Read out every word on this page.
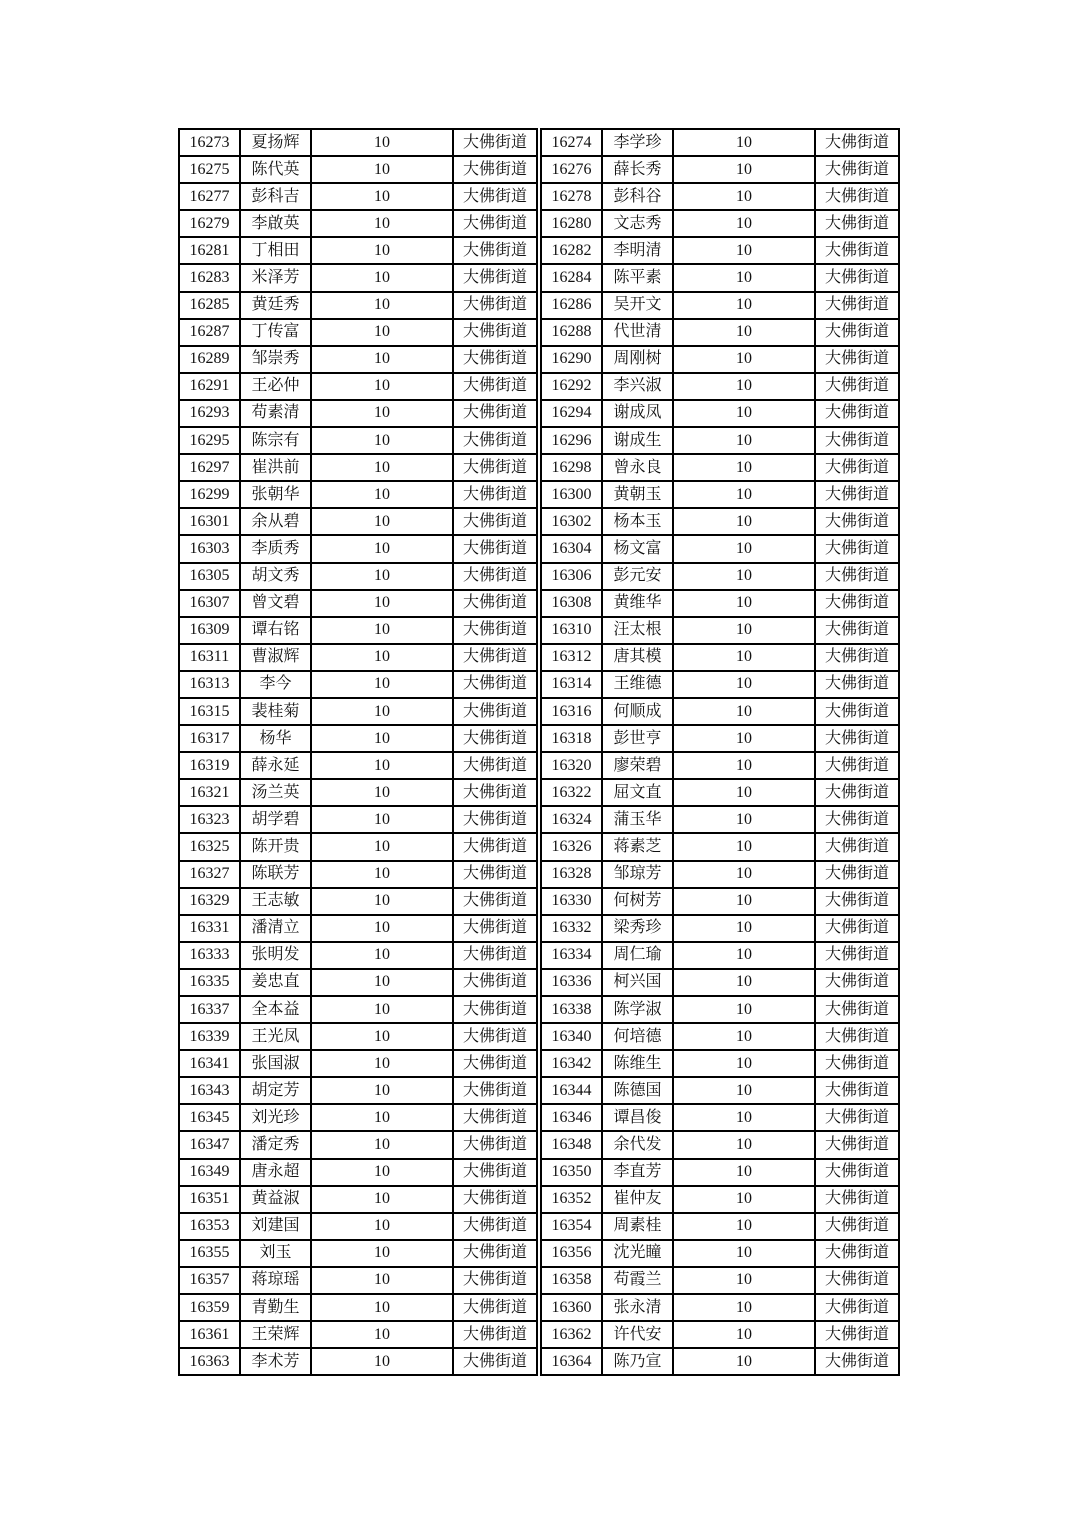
16273	夏扬辉	10	大佛街道
16275	陈代英	10	大佛街道
16277	彭科吉	10	大佛街道
16279	李啟英	10	大佛街道
16281	丁相田	10	大佛街道
16283	米泽芳	10	大佛街道
16285	黄廷秀	10	大佛街道
16287	丁传富	10	大佛街道
16289	邹崇秀	10	大佛街道
16291	王必仲	10	大佛街道
16293	苟素清	10	大佛街道
16295	陈宗有	10	大佛街道
16297	崔洪前	10	大佛街道
16299	张朝华	10	大佛街道
16301	余从碧	10	大佛街道
16303	李质秀	10	大佛街道
16305	胡文秀	10	大佛街道
16307	曾文碧	10	大佛街道
16309	谭右铭	10	大佛街道
16311	曹淑辉	10	大佛街道
16313	李今	10	大佛街道
16315	裴桂菊	10	大佛街道
16317	杨华	10	大佛街道
16319	薛永延	10	大佛街道
16321	汤兰英	10	大佛街道
16323	胡学碧	10	大佛街道
16325	陈开贵	10	大佛街道
16327	陈联芳	10	大佛街道
16329	王志敏	10	大佛街道
16331	潘清立	10	大佛街道
16333	张明发	10	大佛街道
16335	姜忠直	10	大佛街道
16337	全本益	10	大佛街道
16339	王光凤	10	大佛街道
16341	张国淑	10	大佛街道
16343	胡定芳	10	大佛街道
16345	刘光珍	10	大佛街道
16347	潘定秀	10	大佛街道
16349	唐永超	10	大佛街道
16351	黄益淑	10	大佛街道
16353	刘建国	10	大佛街道
16355	刘玉	10	大佛街道
16357	蒋琼瑶	10	大佛街道
16359	青勤生	10	大佛街道
16361	王荣辉	10	大佛街道
16363	李术芳	10	大佛街道
16274	李学珍	10	大佛街道
16276	薛长秀	10	大佛街道
16278	彭科谷	10	大佛街道
16280	文志秀	10	大佛街道
16282	李明清	10	大佛街道
16284	陈平素	10	大佛街道
16286	吴开文	10	大佛街道
16288	代世清	10	大佛街道
16290	周刚树	10	大佛街道
16292	李兴淑	10	大佛街道
16294	谢成凤	10	大佛街道
16296	谢成生	10	大佛街道
16298	曾永良	10	大佛街道
16300	黄朝玉	10	大佛街道
16302	杨本玉	10	大佛街道
16304	杨文富	10	大佛街道
16306	彭元安	10	大佛街道
16308	黄维华	10	大佛街道
16310	汪太根	10	大佛街道
16312	唐其模	10	大佛街道
16314	王维德	10	大佛街道
16316	何顺成	10	大佛街道
16318	彭世亨	10	大佛街道
16320	廖荣碧	10	大佛街道
16322	屈文直	10	大佛街道
16324	蒲玉华	10	大佛街道
16326	蒋素芝	10	大佛街道
16328	邹琼芳	10	大佛街道
16330	何树芳	10	大佛街道
16332	梁秀珍	10	大佛街道
16334	周仁瑜	10	大佛街道
16336	柯兴国	10	大佛街道
16338	陈学淑	10	大佛街道
16340	何培德	10	大佛街道
16342	陈维生	10	大佛街道
16344	陈德国	10	大佛街道
16346	谭昌俊	10	大佛街道
16348	余代发	10	大佛街道
16350	李直芳	10	大佛街道
16352	崔仲友	10	大佛街道
16354	周素桂	10	大佛街道
16356	沈光瞳	10	大佛街道
16358	苟霞兰	10	大佛街道
16360	张永清	10	大佛街道
16362	许代安	10	大佛街道
16364	陈乃宣	10	大佛街道
